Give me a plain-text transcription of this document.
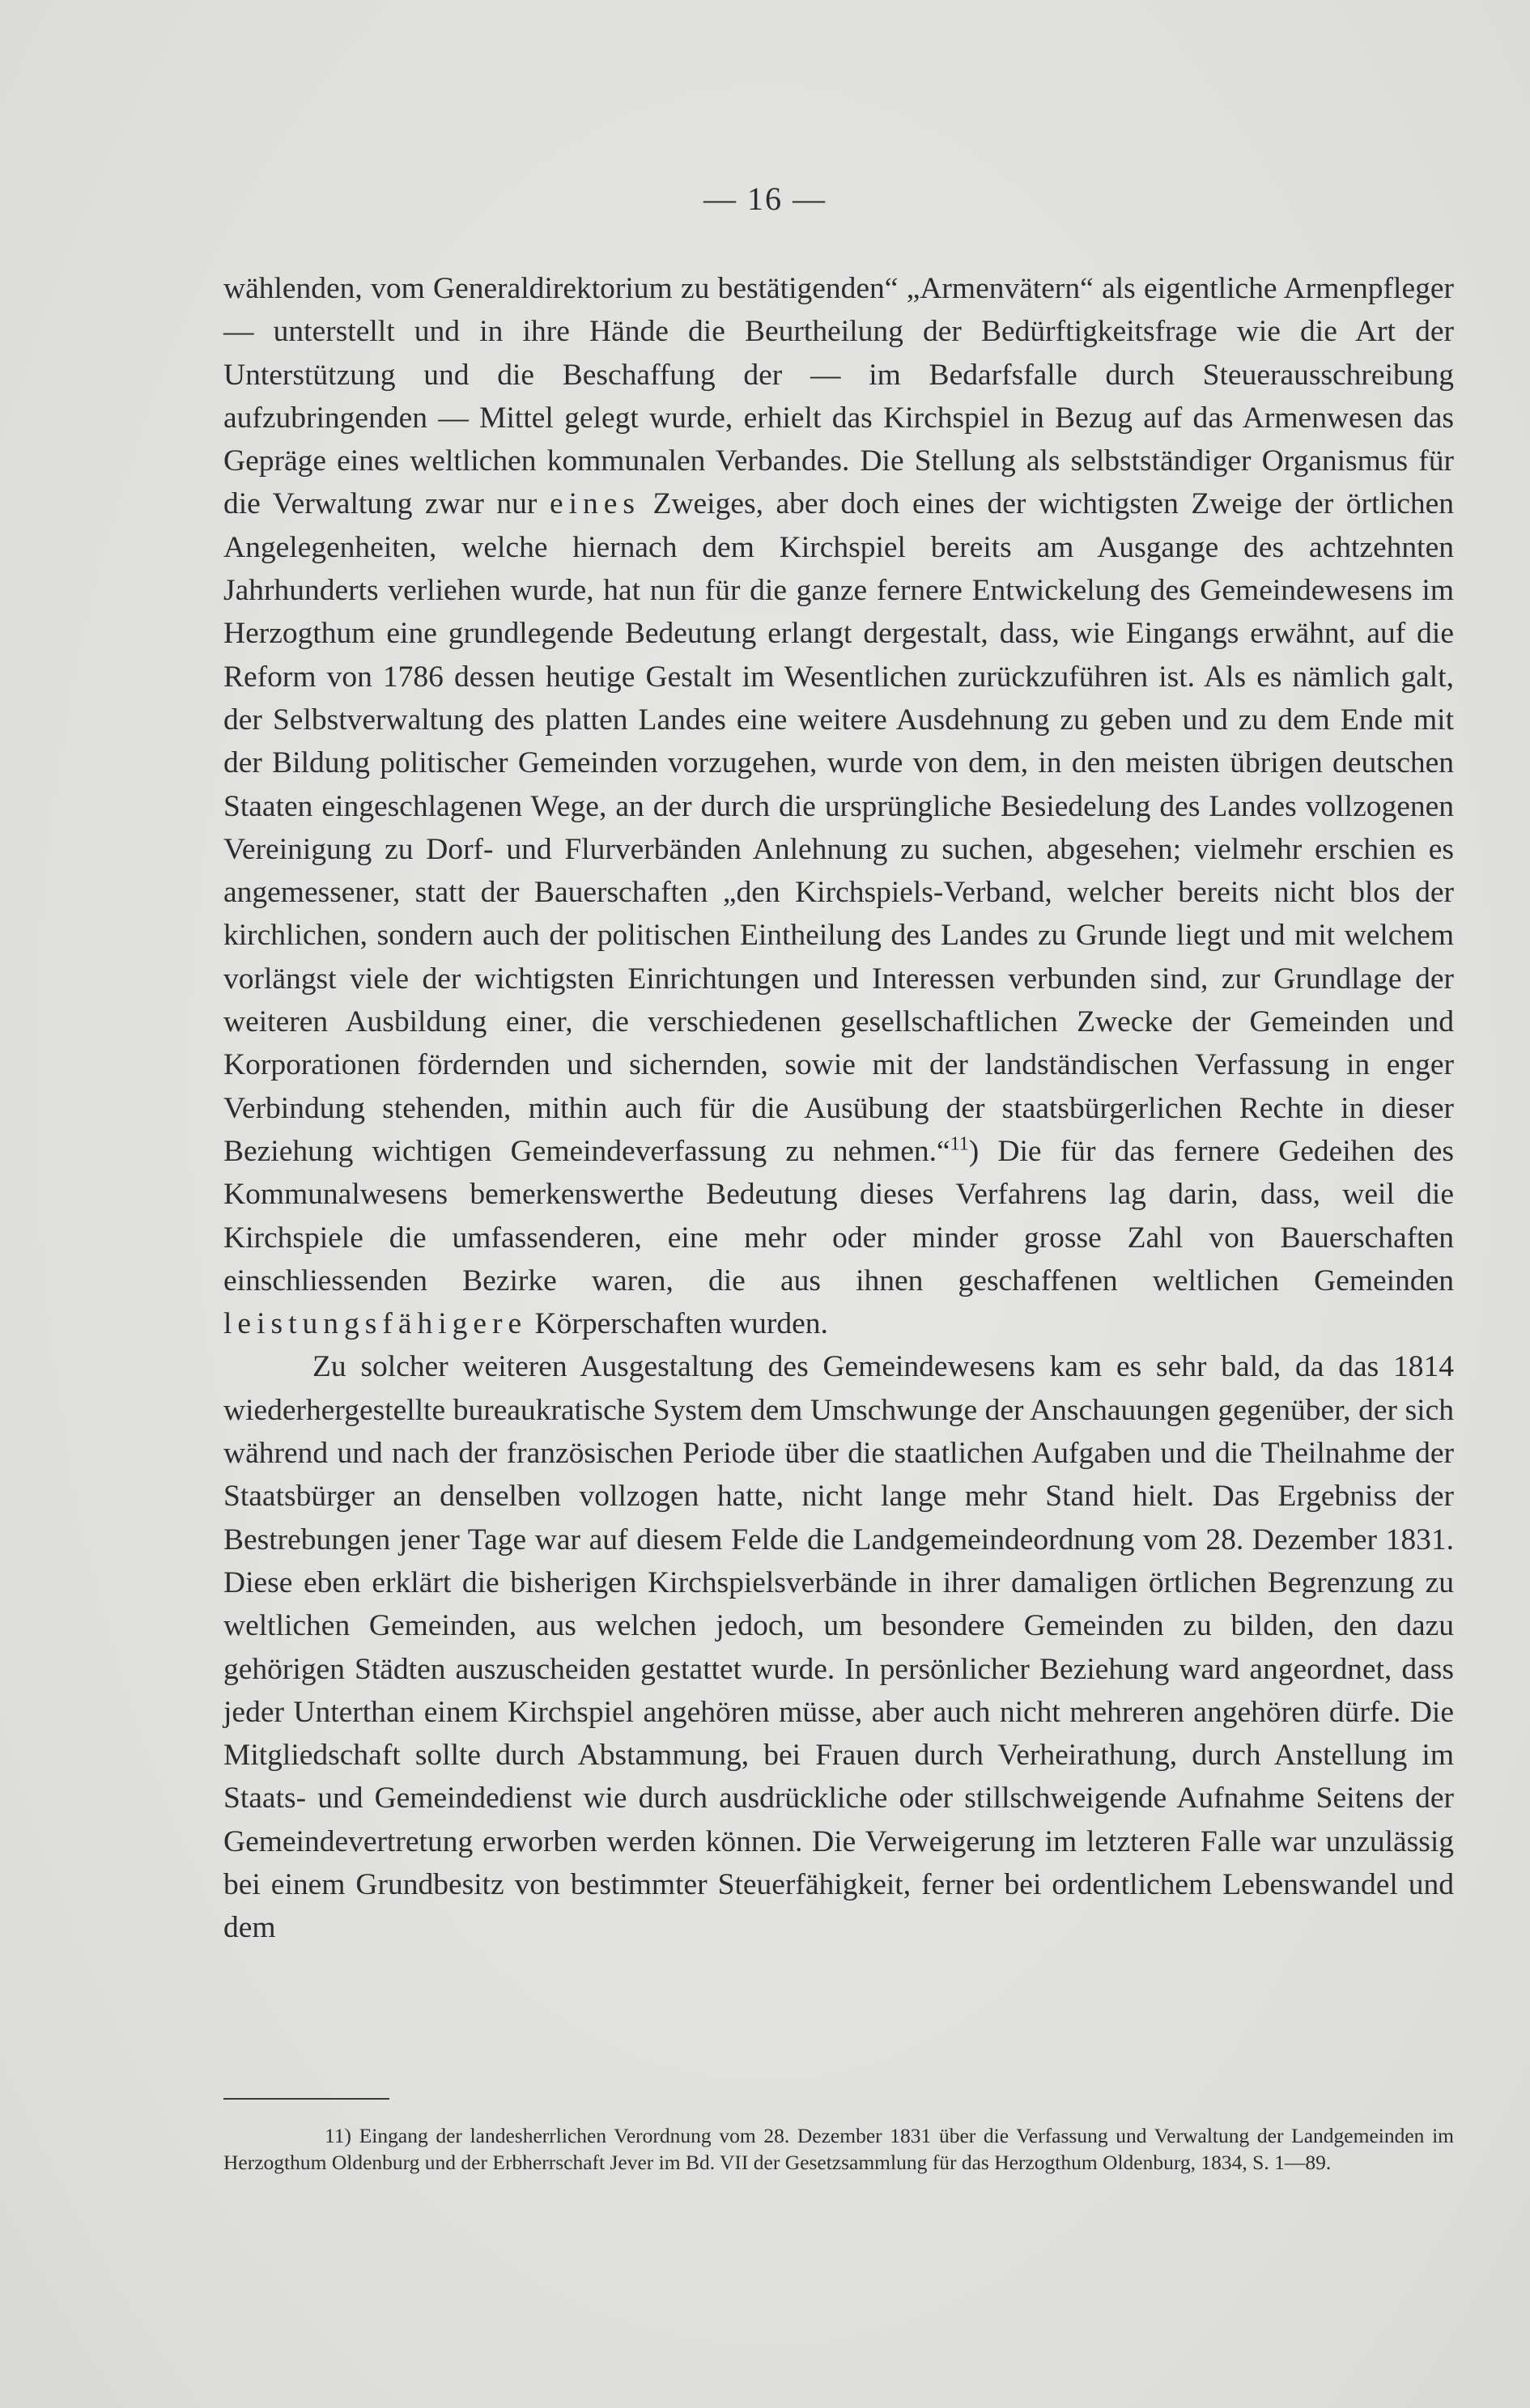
— 16 —

wählenden, vom Generaldirektorium zu bestätigenden“ „Armenvätern“ als eigentliche Armenpfleger — unterstellt und in ihre Hände die Beurtheilung der Bedürftigkeitsfrage wie die Art der Unterstützung und die Beschaffung der — im Bedarfsfalle durch Steuerausschreibung aufzubringenden — Mittel gelegt wurde, erhielt das Kirchspiel in Bezug auf das Armenwesen das Gepräge eines weltlichen kommunalen Verbandes. Die Stellung als selbstständiger Organismus für die Verwaltung zwar nur eines Zweiges, aber doch eines der wichtigsten Zweige der örtlichen Angelegenheiten, welche hiernach dem Kirchspiel bereits am Ausgange des achtzehnten Jahrhunderts verliehen wurde, hat nun für die ganze fernere Entwickelung des Gemeindewesens im Herzogthum eine grundlegende Bedeutung erlangt dergestalt, dass, wie Eingangs erwähnt, auf die Reform von 1786 dessen heutige Gestalt im Wesentlichen zurückzuführen ist. Als es nämlich galt, der Selbstverwaltung des platten Landes eine weitere Ausdehnung zu geben und zu dem Ende mit der Bildung politischer Gemeinden vorzugehen, wurde von dem, in den meisten übrigen deutschen Staaten eingeschlagenen Wege, an der durch die ursprüngliche Besiedelung des Landes vollzogenen Vereinigung zu Dorf- und Flurverbänden Anlehnung zu suchen, abgesehen; vielmehr erschien es angemessener, statt der Bauerschaften „den Kirchspiels-Verband, welcher bereits nicht blos der kirchlichen, sondern auch der politischen Eintheilung des Landes zu Grunde liegt und mit welchem vorlängst viele der wichtigsten Einrichtungen und Interessen verbunden sind, zur Grundlage der weiteren Ausbildung einer, die verschiedenen gesellschaftlichen Zwecke der Gemeinden und Korporationen fördernden und sichernden, sowie mit der landständischen Verfassung in enger Verbindung stehenden, mithin auch für die Ausübung der staatsbürgerlichen Rechte in dieser Beziehung wichtigen Gemeindeverfassung zu nehmen.“$^{11}$) Die für das fernere Gedeihen des Kommunalwesens bemerkenswerthe Bedeutung dieses Verfahrens lag darin, dass, weil die Kirchspiele die umfassenderen, eine mehr oder minder grosse Zahl von Bauerschaften einschliessenden Bezirke waren, die aus ihnen geschaffenen weltlichen Gemeinden leistungsfähigere Körperschaften wurden.

Zu solcher weiteren Ausgestaltung des Gemeindewesens kam es sehr bald, da das 1814 wiederhergestellte bureaukratische System dem Umschwunge der Anschauungen gegenüber, der sich während und nach der französischen Periode über die staatlichen Aufgaben und die Theilnahme der Staatsbürger an denselben vollzogen hatte, nicht lange mehr Stand hielt. Das Ergebniss der Bestrebungen jener Tage war auf diesem Felde die Landgemeindeordnung vom 28. Dezember 1831. Diese eben erklärt die bisherigen Kirchspielsverbände in ihrer damaligen örtlichen Begrenzung zu weltlichen Gemeinden, aus welchen jedoch, um besondere Gemeinden zu bilden, den dazu gehörigen Städten auszuscheiden gestattet wurde. In persönlicher Beziehung ward angeordnet, dass jeder Unterthan einem Kirchspiel angehören müsse, aber auch nicht mehreren angehören dürfe. Die Mitgliedschaft sollte durch Abstammung, bei Frauen durch Verheirathung, durch Anstellung im Staats- und Gemeindedienst wie durch ausdrückliche oder stillschweigende Aufnahme Seitens der Gemeindevertretung erworben werden können. Die Verweigerung im letzteren Falle war unzulässig bei einem Grundbesitz von bestimmter Steuerfähigkeit, ferner bei ordentlichem Lebenswandel und dem

11) Eingang der landesherrlichen Verordnung vom 28. Dezember 1831 über die Verfassung und Verwaltung der Landgemeinden im Herzogthum Oldenburg und der Erbherrschaft Jever im Bd. VII der Gesetzsammlung für das Herzogthum Oldenburg, 1834, S. 1—89.
